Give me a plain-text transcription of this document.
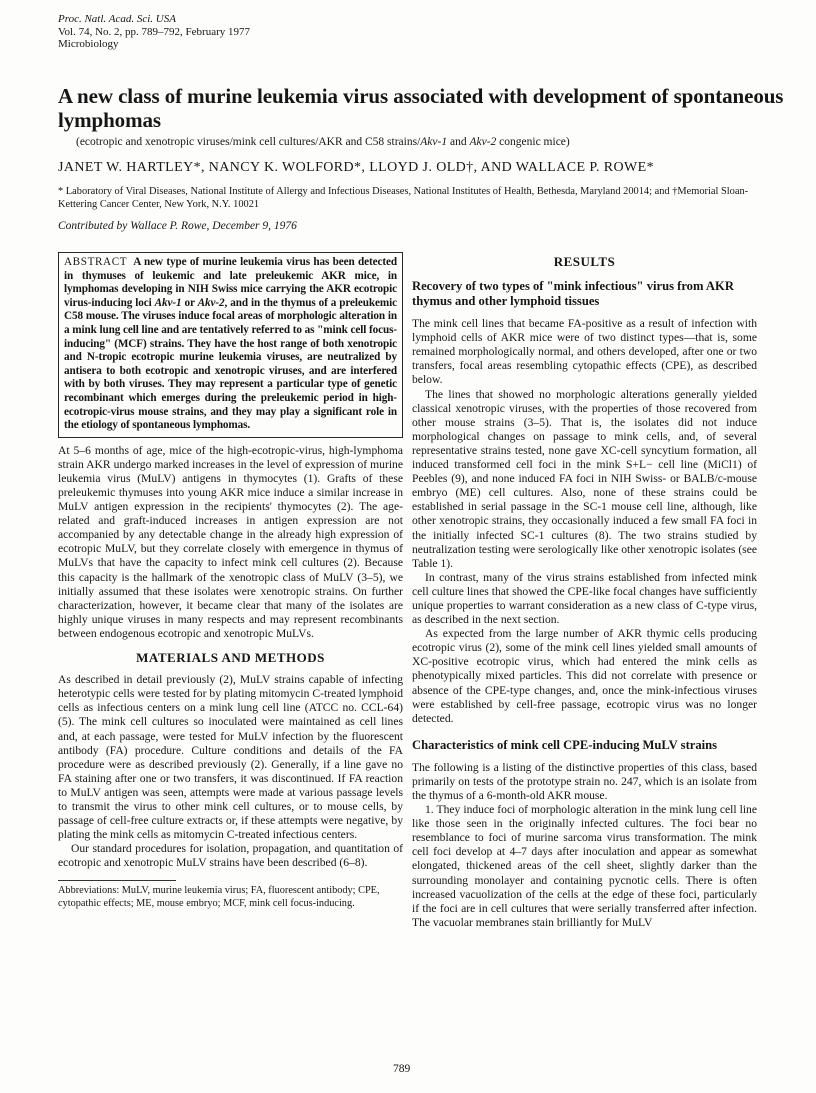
Proc. Natl. Acad. Sci. USA
Vol. 74, No. 2, pp. 789–792, February 1977
Microbiology
A new class of murine leukemia virus associated with development of spontaneous lymphomas
(ecotropic and xenotropic viruses/mink cell cultures/AKR and C58 strains/Akv-1 and Akv-2 congenic mice)
JANET W. HARTLEY*, NANCY K. WOLFORD*, LLOYD J. OLD†, AND WALLACE P. ROWE*
* Laboratory of Viral Diseases, National Institute of Allergy and Infectious Diseases, National Institutes of Health, Bethesda, Maryland 20014; and †Memorial Sloan-Kettering Cancer Center, New York, N.Y. 10021
Contributed by Wallace P. Rowe, December 9, 1976
ABSTRACT A new type of murine leukemia virus has been detected in thymuses of leukemic and late preleukemic AKR mice, in lymphomas developing in NIH Swiss mice carrying the AKR ecotropic virus-inducing loci Akv-1 or Akv-2, and in the thymus of a preleukemic C58 mouse. The viruses induce focal areas of morphologic alteration in a mink lung cell line and are tentatively referred to as "mink cell focus-inducing" (MCF) strains. They have the host range of both xenotropic and N-tropic ecotropic murine leukemia viruses, are neutralized by antisera to both ecotropic and xenotropic viruses, and are interfered with by both viruses. They may represent a particular type of genetic recombinant which emerges during the preleukemic period in high-ecotropic-virus mouse strains, and they may play a significant role in the etiology of spontaneous lymphomas.

At 5–6 months of age, mice of the high-ecotropic-virus, high-lymphoma strain AKR undergo marked increases in the level of expression of murine leukemia virus (MuLV) antigens in thymocytes (1). Grafts of these preleukemic thymuses into young AKR mice induce a similar increase in MuLV antigen expression in the recipients' thymocytes (2). The age-related and graft-induced increases in antigen expression are not accompanied by any detectable change in the already high expression of ecotropic MuLV, but they correlate closely with emergence in thymus of MuLVs that have the capacity to infect mink cell cultures (2). Because this capacity is the hallmark of the xenotropic class of MuLV (3–5), we initially assumed that these isolates were xenotropic strains. On further characterization, however, it became clear that many of the isolates are highly unique viruses in many respects and may represent recombinants between endogenous ecotropic and xenotropic MuLVs.

MATERIALS AND METHODS

As described in detail previously (2), MuLV strains capable of infecting heterotypic cells were tested for by plating mitomycin C-treated lymphoid cells as infectious centers on a mink lung cell line (ATCC no. CCL-64) (5). The mink cell cultures so inoculated were maintained as cell lines and, at each passage, were tested for MuLV infection by the fluorescent antibody (FA) procedure. Culture conditions and details of the FA procedure were as described previously (2). Generally, if a line gave no FA staining after one or two transfers, it was discontinued. If FA reaction to MuLV antigen was seen, attempts were made at various passage levels to transmit the virus to other mink cell cultures, or to mouse cells, by passage of cell-free culture extracts or, if these attempts were negative, by plating the mink cells as mitomycin C-treated infectious centers.

Our standard procedures for isolation, propagation, and quantitation of ecotropic and xenotropic MuLV strains have been described (6–8).

Abbreviations: MuLV, murine leukemia virus; FA, fluorescent antibody; CPE, cytopathic effects; ME, mouse embryo; MCF, mink cell focus-inducing.
RESULTS
Recovery of two types of "mink infectious" virus from AKR thymus and other lymphoid tissues

The mink cell lines that became FA-positive as a result of infection with lymphoid cells of AKR mice were of two distinct types—that is, some remained morphologically normal, and others developed, after one or two transfers, focal areas resembling cytopathic effects (CPE), as described below.

The lines that showed no morphologic alterations generally yielded classical xenotropic viruses, with the properties of those recovered from other mouse strains (3–5). That is, the isolates did not induce morphological changes on passage to mink cells, and, of several representative strains tested, none gave XC-cell syncytium formation, all induced transformed cell foci in the mink S+L− cell line (MiCl1) of Peebles (9), and none induced FA foci in NIH Swiss- or BALB/c-mouse embryo (ME) cell cultures. Also, none of these strains could be established in serial passage in the SC-1 mouse cell line, although, like other xenotropic strains, they occasionally induced a few small FA foci in the initially infected SC-1 cultures (8). The two strains studied by neutralization testing were serologically like other xenotropic isolates (see Table 1).

In contrast, many of the virus strains established from infected mink cell culture lines that showed the CPE-like focal changes have sufficiently unique properties to warrant consideration as a new class of C-type virus, as described in the next section.

As expected from the large number of AKR thymic cells producing ecotropic virus (2), some of the mink cell lines yielded small amounts of XC-positive ecotropic virus, which had entered the mink cells as phenotypically mixed particles. This did not correlate with presence or absence of the CPE-type changes, and, once the mink-infectious viruses were established by cell-free passage, ecotropic virus was no longer detected.

Characteristics of mink cell CPE-inducing MuLV strains

The following is a listing of the distinctive properties of this class, based primarily on tests of the prototype strain no. 247, which is an isolate from the thymus of a 6-month-old AKR mouse.

1. They induce foci of morphologic alteration in the mink lung cell line like those seen in the originally infected cultures. The foci bear no resemblance to foci of murine sarcoma virus transformation. The mink cell foci develop at 4–7 days after inoculation and appear as somewhat elongated, thickened areas of the cell sheet, slightly darker than the surrounding monolayer and containing pycnotic cells. There is often increased vacuolization of the cells at the edge of these foci, particularly if the foci are in cell cultures that were serially transferred after infection. The vacuolar membranes stain brilliantly for MuLV

789
